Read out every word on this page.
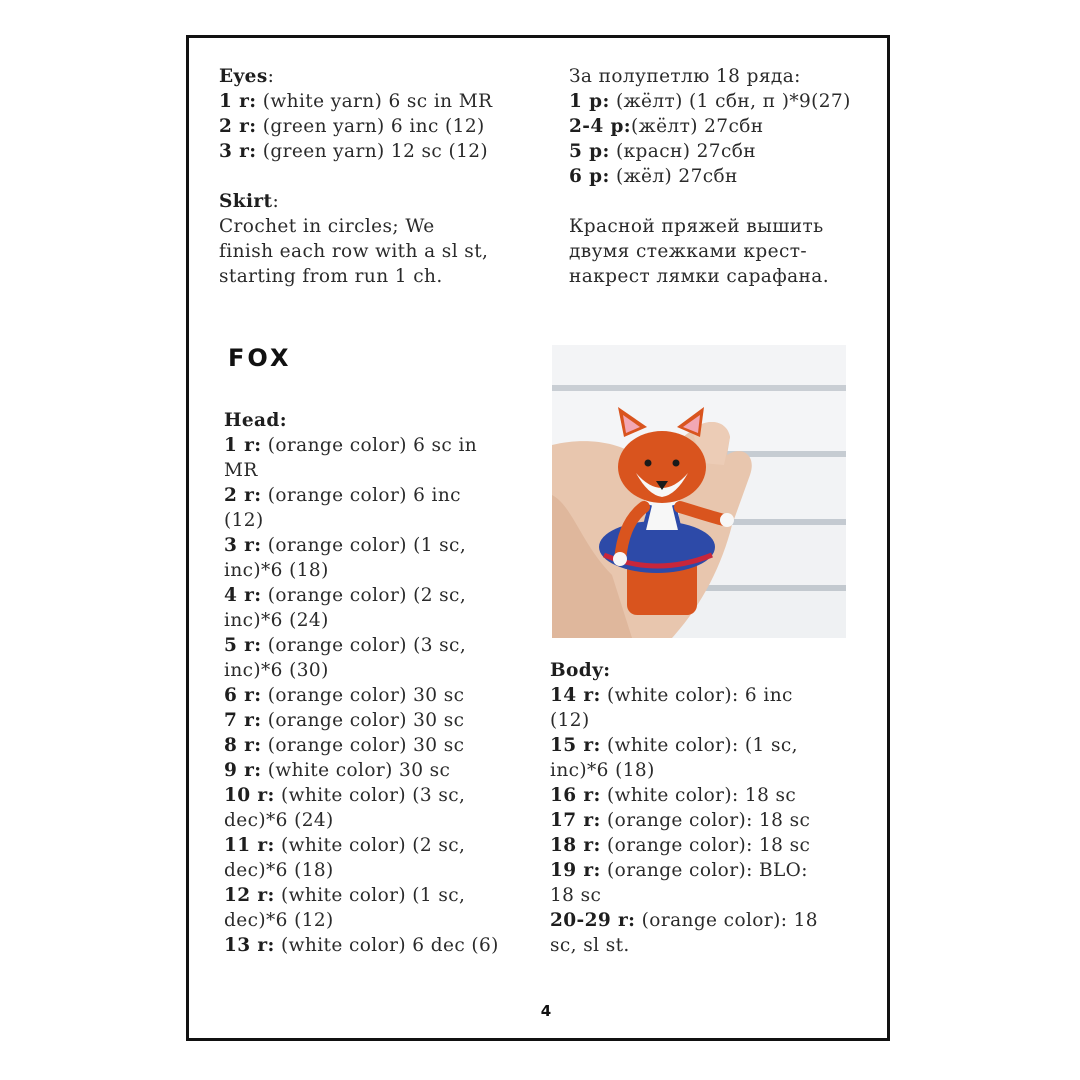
Eyes:
1 r: (white yarn) 6 sc in MR
2 r: (green yarn) 6 inc (12)
3 r: (green yarn) 12 sc (12)
Skirt:
Crochet in circles; We
finish each row with a sl st,
starting from run 1 ch.
За полупетлю 18 ряда:
1 р: (жёлт) (1 сбн, п )*9(27)
2-4 р:(жёлт) 27сбн
5 р: (красн) 27сбн
6 р: (жёл) 27сбн
Красной пряжей вышить
двумя стежками крест-
накрест лямки сарафана.
FOX
Head:
1 r: (orange color) 6 sc in
MR
2 r: (orange color) 6 inc
(12)
3 r: (orange color) (1 sc,
inc)*6 (18)
4 r: (orange color) (2 sc,
inc)*6 (24)
5 r: (orange color) (3 sc,
inc)*6 (30)
6 r: (orange color) 30 sc
7 r: (orange color) 30 sc
8 r: (orange color) 30 sc
9 r: (white color) 30 sc
10 r: (white color) (3 sc,
dec)*6 (24)
11 r: (white color) (2 sc,
dec)*6 (18)
12 r: (white color) (1 sc,
dec)*6 (12)
13 r: (white color) 6 dec (6)
Body:
14 r: (white color): 6 inc
(12)
15 r: (white color): (1 sc,
inc)*6 (18)
16 r: (white color): 18 sc
17 r: (orange color): 18 sc
18 r: (orange color): 18 sc
19 r: (orange color): BLO:
18 sc
20-29 r: (orange color): 18
sc, sl st.
4
